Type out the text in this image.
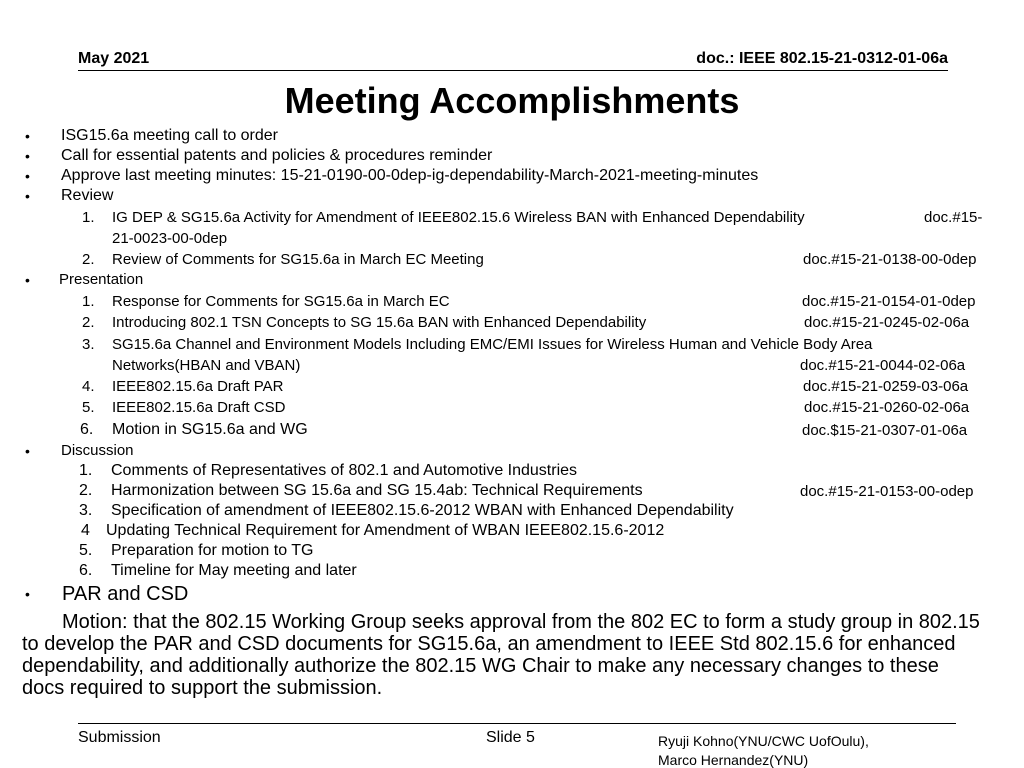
May 2021	doc.: IEEE 802.15-21-0312-01-06a
Meeting Accomplishments
• ISG15.6a meeting call to order
• Call for essential patents and policies & procedures reminder
• Approve last meeting minutes: 15-21-0190-00-0dep-ig-dependability-March-2021-meeting-minutes
• Review
1. IG DEP & SG15.6a Activity for Amendment of IEEE802.15.6 Wireless BAN with Enhanced Dependability	doc.#15-
21-0023-00-0dep
2. Review of Comments for SG15.6a in March EC Meeting	doc.#15-21-0138-00-0dep
• Presentation
1. Response for Comments for SG15.6a in March EC	doc.#15-21-0154-01-0dep
2. Introducing 802.1 TSN Concepts to SG 15.6a BAN with Enhanced Dependability	doc.#15-21-0245-02-06a
3. SG15.6a Channel and Environment Models Including EMC/EMI Issues for Wireless Human and Vehicle Body Area
Networks(HBAN and VBAN)	doc.#15-21-0044-02-06a
4. IEEE802.15.6a Draft PAR	doc.#15-21-0259-03-06a
5. IEEE802.15.6a Draft CSD	doc.#15-21-0260-02-06a
6. Motion in SG15.6a and WG	doc.$15-21-0307-01-06a
• Discussion
1. Comments of Representatives of 802.1 and Automotive Industries
2. Harmonization between SG 15.6a and SG 15.4ab: Technical Requirements	doc.#15-21-0153-00-odep
3. Specification of amendment of IEEE802.15.6-2012 WBAN with Enhanced Dependability
4 Updating Technical Requirement for Amendment of WBAN IEEE802.15.6-2012
5. Preparation for motion to TG
6. Timeline for May meeting and later
• PAR and CSD
Motion: that the 802.15 Working Group seeks approval from the 802 EC to form a study group in 802.15 to develop the PAR and CSD documents for SG15.6a, an amendment to IEEE Std 802.15.6 for enhanced dependability, and additionally authorize the 802.15 WG Chair to make any necessary changes to these docs required to support the submission.
Submission	Slide 5	Ryuji Kohno(YNU/CWC UofOulu),
Marco Hernandez(YNU)
